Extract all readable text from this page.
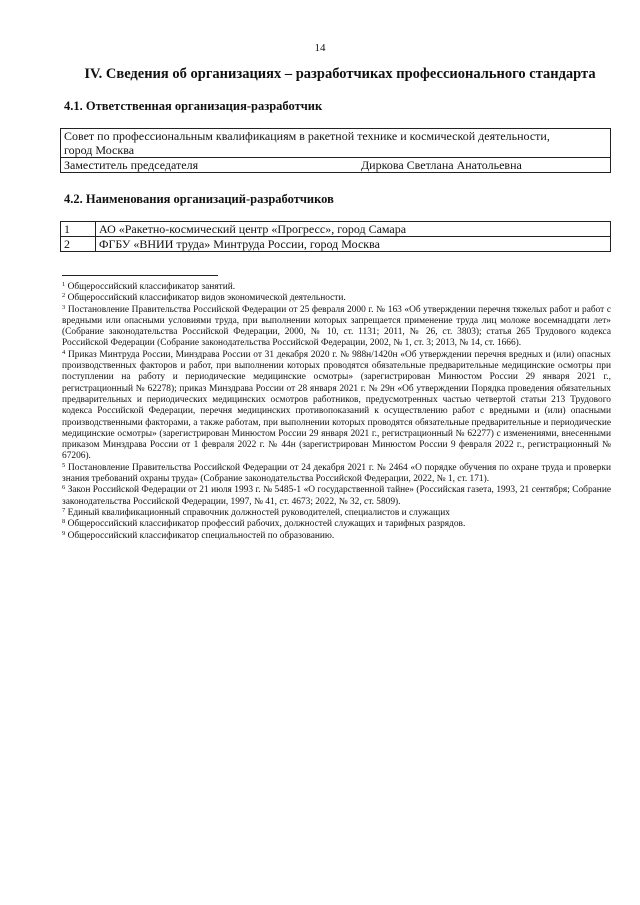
14
IV. Сведения об организациях – разработчиках профессионального стандарта
4.1. Ответственная организация-разработчик
Совет по профессиональным квалификациям в ракетной технике и космической деятельности,
город Москва

Заместитель председателя	Диркова Светлана Анатольевна
4.2. Наименования организаций-разработчиков
1	АО «Ракетно-космический центр «Прогресс», город Самара
2	ФГБУ «ВНИИ труда» Минтруда России, город Москва

$^1$ Общероссийский классификатор занятий.

$^2$ Общероссийский классификатор видов экономической деятельности.

$^3$ Постановление Правительства Российской Федерации от 25 февраля 2000 г. № 163 «Об утверждении перечня тяжелых работ и работ с вредными или опасными условиями труда, при выполнении которых запрещается применение труда лиц моложе восемнадцати лет» (Собрание законодательства Российской Федерации, 2000, № 10, ст. 1131; 2011, № 26, ст. 3803); статья 265 Трудового кодекса Российской Федерации (Собрание законодательства Российской Федерации, 2002, № 1, ст. 3; 2013, № 14, ст. 1666).

$^4$ Приказ Минтруда России, Минздрава России от 31 декабря 2020 г. № 988н/1420н «Об утверждении перечня вредных и (или) опасных производственных факторов и работ, при выполнении которых проводятся обязательные предварительные медицинские осмотры при поступлении на работу и периодические медицинские осмотры» (зарегистрирован Минюстом России 29 января 2021 г., регистрационный № 62278); приказ Минздрава России от 28 января 2021 г. № 29н «Об утверждении Порядка проведения обязательных предварительных и периодических медицинских осмотров работников, предусмотренных частью четвертой статьи 213 Трудового кодекса Российской Федерации, перечня медицинских противопоказаний к осуществлению работ с вредными и (или) опасными производственными факторами, а также работам, при выполнении которых проводятся обязательные предварительные и периодические медицинские осмотры» (зарегистрирован Минюстом России 29 января 2021 г., регистрационный № 62277) с изменениями, внесенными приказом Минздрава России от 1 февраля 2022 г. № 44н (зарегистрирован Минюстом России 9 февраля 2022 г., регистрационный № 67206).

$^5$ Постановление Правительства Российской Федерации от 24 декабря 2021 г. № 2464 «О порядке обучения по охране труда и проверки знания требований охраны труда» (Собрание законодательства Российской Федерации, 2022, № 1, ст. 171).

$^6$ Закон Российской Федерации от 21 июля 1993 г. № 5485-1 «О государственной тайне» (Российская газета, 1993, 21 сентября; Собрание законодательства Российской Федерации, 1997, № 41, ст. 4673; 2022, № 32, ст. 5809).

$^7$ Единый квалификационный справочник должностей руководителей, специалистов и служащих

$^8$ Общероссийский классификатор профессий рабочих, должностей служащих и тарифных разрядов.

$^9$ Общероссийский классификатор специальностей по образованию.
